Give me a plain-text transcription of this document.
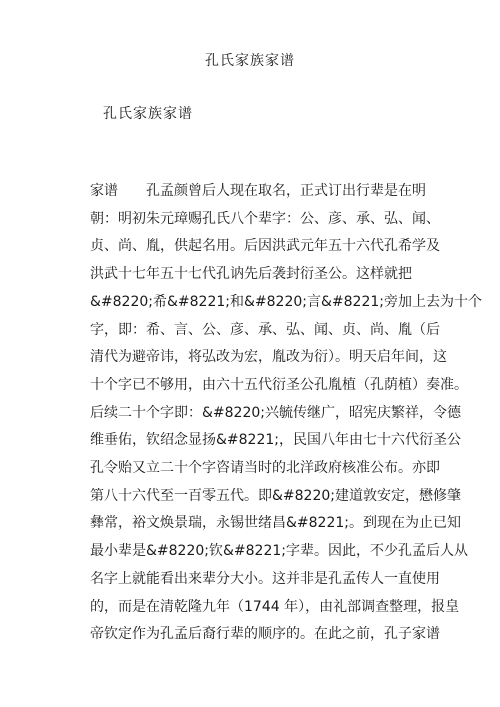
孔氏家族家谱
孔氏家族家谱
家谱　　孔孟颜曾后人现在取名，正式订出行辈是在明
朝：明初朱元璋赐孔氏八个辈字：公、彦、承、弘、闻、
贞、尚、胤，供起名用。后因洪武元年五十六代孔希学及
洪武十七年五十七代孔讷先后袭封衍圣公。这样就把
&#8220;希&#8221;和&#8220;言&#8221;旁加上去为十个
字，即：希、言、公、彦、承、弘、闻、贞、尚、胤（后
清代为避帝讳，将弘改为宏，胤改为衍）。明天启年间，这
十个字已不够用，由六十五代衍圣公孔胤植（孔荫植）奏准。
后续二十个字即：&#8220;兴毓传继广，昭宪庆繁祥，令德
维垂佑，钦绍念显扬&#8221;，民国八年由七十六代衍圣公
孔令贻又立二十个字咨请当时的北洋政府核准公布。亦即
第八十六代至一百零五代。即&#8220;建道敦安定，懋修肇
彝常，裕文焕景瑞，永锡世绪昌&#8221;。到现在为止已知
最小辈是&#8220;钦&#8221;字辈。因此，不少孔孟后人从
名字上就能看出来辈分大小。这并非是孔孟传人一直使用
的，而是在清乾隆九年（1744 年），由礼部调查整理，报皇
帝钦定作为孔孟后裔行辈的顺序的。在此之前，孔子家谱
